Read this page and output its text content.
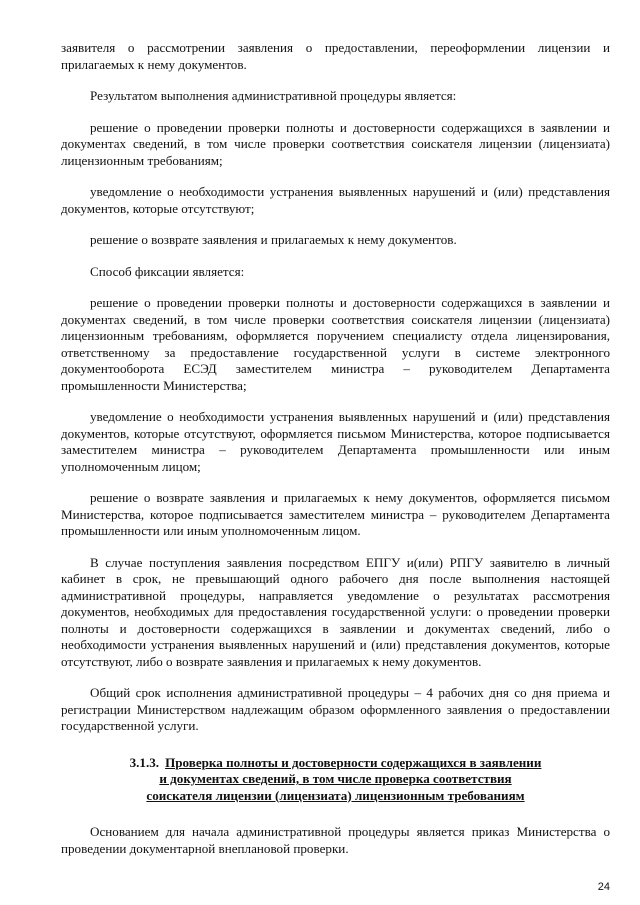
заявителя о рассмотрении заявления о предоставлении, переоформлении лицензии и прилагаемых к нему документов.

Результатом выполнения административной процедуры является:

решение о проведении проверки полноты и достоверности содержащихся в заявлении и документах сведений, в том числе проверки соответствия соискателя лицензии (лицензиата) лицензионным требованиям;

уведомление о необходимости устранения выявленных нарушений и (или) представления документов, которые отсутствуют;

решение о возврате заявления и прилагаемых к нему документов.

Способ фиксации является:

решение о проведении проверки полноты и достоверности содержащихся в заявлении и документах сведений, в том числе проверки соответствия соискателя лицензии (лицензиата) лицензионным требованиям, оформляется поручением специалисту отдела лицензирования, ответственному за предоставление государственной услуги в системе электронного документооборота ЕСЭД заместителем министра – руководителем Департамента промышленности Министерства;

уведомление о необходимости устранения выявленных нарушений и (или) представления документов, которые отсутствуют, оформляется письмом Министерства, которое подписывается заместителем министра – руководителем Департамента промышленности или иным уполномоченным лицом;

решение о возврате заявления и прилагаемых к нему документов, оформляется письмом Министерства, которое подписывается заместителем министра – руководителем Департамента промышленности или иным уполномоченным лицом.

В случае поступления заявления посредством ЕПГУ и(или) РПГУ заявителю в личный кабинет в срок, не превышающий одного рабочего дня после выполнения настоящей административной процедуры, направляется уведомление о результатах рассмотрения документов, необходимых для предоставления государственной услуги: о проведении проверки полноты и достоверности содержащихся в заявлении и документах сведений, либо о необходимости устранения выявленных нарушений и (или) представления документов, которые отсутствуют, либо о возврате заявления и прилагаемых к нему документов.

Общий срок исполнения административной процедуры – 4 рабочих дня со дня приема и регистрации Министерством надлежащим образом оформленного заявления о предоставлении государственной услуги.

3.1.3. Проверка полноты и достоверности содержащихся в заявлении
и документах сведений, в том числе проверка соответствия
соискателя лицензии (лицензиата) лицензионным требованиям

Основанием для начала административной процедуры является приказ Министерства о проведении документарной внеплановой проверки.

24
